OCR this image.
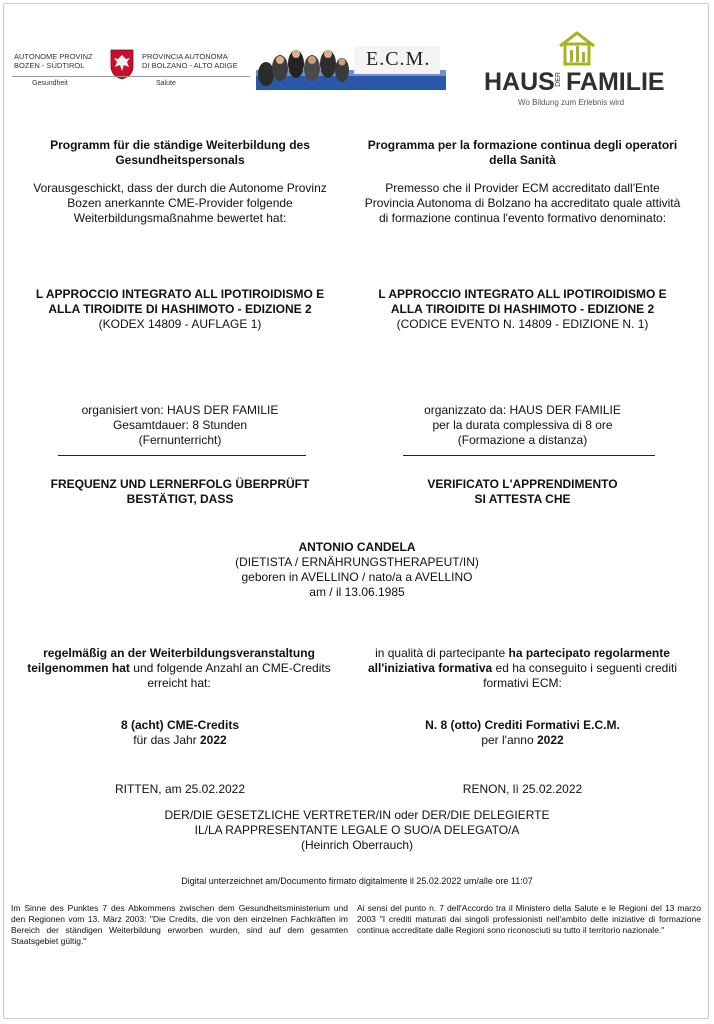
AUTONOME PROVINZ
BOZEN - SÜDTIROL
PROVINCIA AUTONOMA
DI BOLZANO - ALTO ADIGE
Gesundheit	Salute
E.C.M.
HAUS DER FAMILIE
Wo Bildung zum Erlebnis wird
Programm für die ständige Weiterbildung des
Gesundheitspersonals
Programma per la formazione continua degli operatori
della Sanità
Vorausgeschickt, dass der durch die Autonome Provinz
Bozen anerkannte CME-Provider folgende
Weiterbildungsmaßnahme bewertet hat:
Premesso che il Provider ECM accreditato dall'Ente
Provincia Autonoma di Bolzano ha accreditato quale attività
di formazione continua l'evento formativo denominato:
L APPROCCIO INTEGRATO ALL IPOTIROIDISMO E
ALLA TIROIDITE DI HASHIMOTO - EDIZIONE 2
(KODEX 14809 - AUFLAGE 1)
L APPROCCIO INTEGRATO ALL IPOTIROIDISMO E
ALLA TIROIDITE DI HASHIMOTO - EDIZIONE 2
(CODICE EVENTO N. 14809 - EDIZIONE N. 1)
organisiert von: HAUS DER FAMILIE
Gesamtdauer: 8 Stunden
(Fernunterricht)
organizzato da: HAUS DER FAMILIE
per la durata complessiva di 8 ore
(Formazione a distanza)
FREQUENZ UND LERNERFOLG ÜBERPRÜFT
BESTÄTIGT, DASS
VERIFICATO L'APPRENDIMENTO
SI ATTESTA CHE
ANTONIO CANDELA
(DIETISTA / ERNÄHRUNGSTHERAPEUT/IN)
geboren in AVELLINO / nato/a a AVELLINO
am / il 13.06.1985
regelmäßig an der Weiterbildungsveranstaltung
teilgenommen hat und folgende Anzahl an CME-Credits
erreicht hat:
in qualità di partecipante ha partecipato regolarmente
all'iniziativa formativa ed ha conseguito i seguenti crediti
formativi ECM:
8 (acht) CME-Credits
für das Jahr 2022
N. 8 (otto) Crediti Formativi E.C.M.
per l'anno 2022
RITTEN, am 25.02.2022	RENON, lì 25.02.2022
DER/DIE GESETZLICHE VERTRETER/IN oder DER/DIE DELEGIERTE
IL/LA RAPPRESENTANTE LEGALE O SUO/A DELEGATO/A
(Heinrich Oberrauch)
Digital unterzeichnet am/Documento firmato digitalmente il 25.02.2022 um/alle ore 11:07
Im Sinne des Punktes 7 des Abkommens zwischen dem Gesundheitsministerium und den Regionen vom 13. März 2003: "Die Credits, die von den einzelnen Fachkräften im Bereich der ständigen Weiterbildung erworben wurden, sind auf dem gesamten Staatsgebiet gültig."
Ai sensi del punto n. 7 dell'Accordo tra il Ministero della Salute e le Regioni del 13 marzo 2003 "I crediti maturati dai singoli professionisti nell'ambito delle iniziative di formazione continua accreditate dalle Regioni sono riconosciuti su tutto il territorio nazionale."
